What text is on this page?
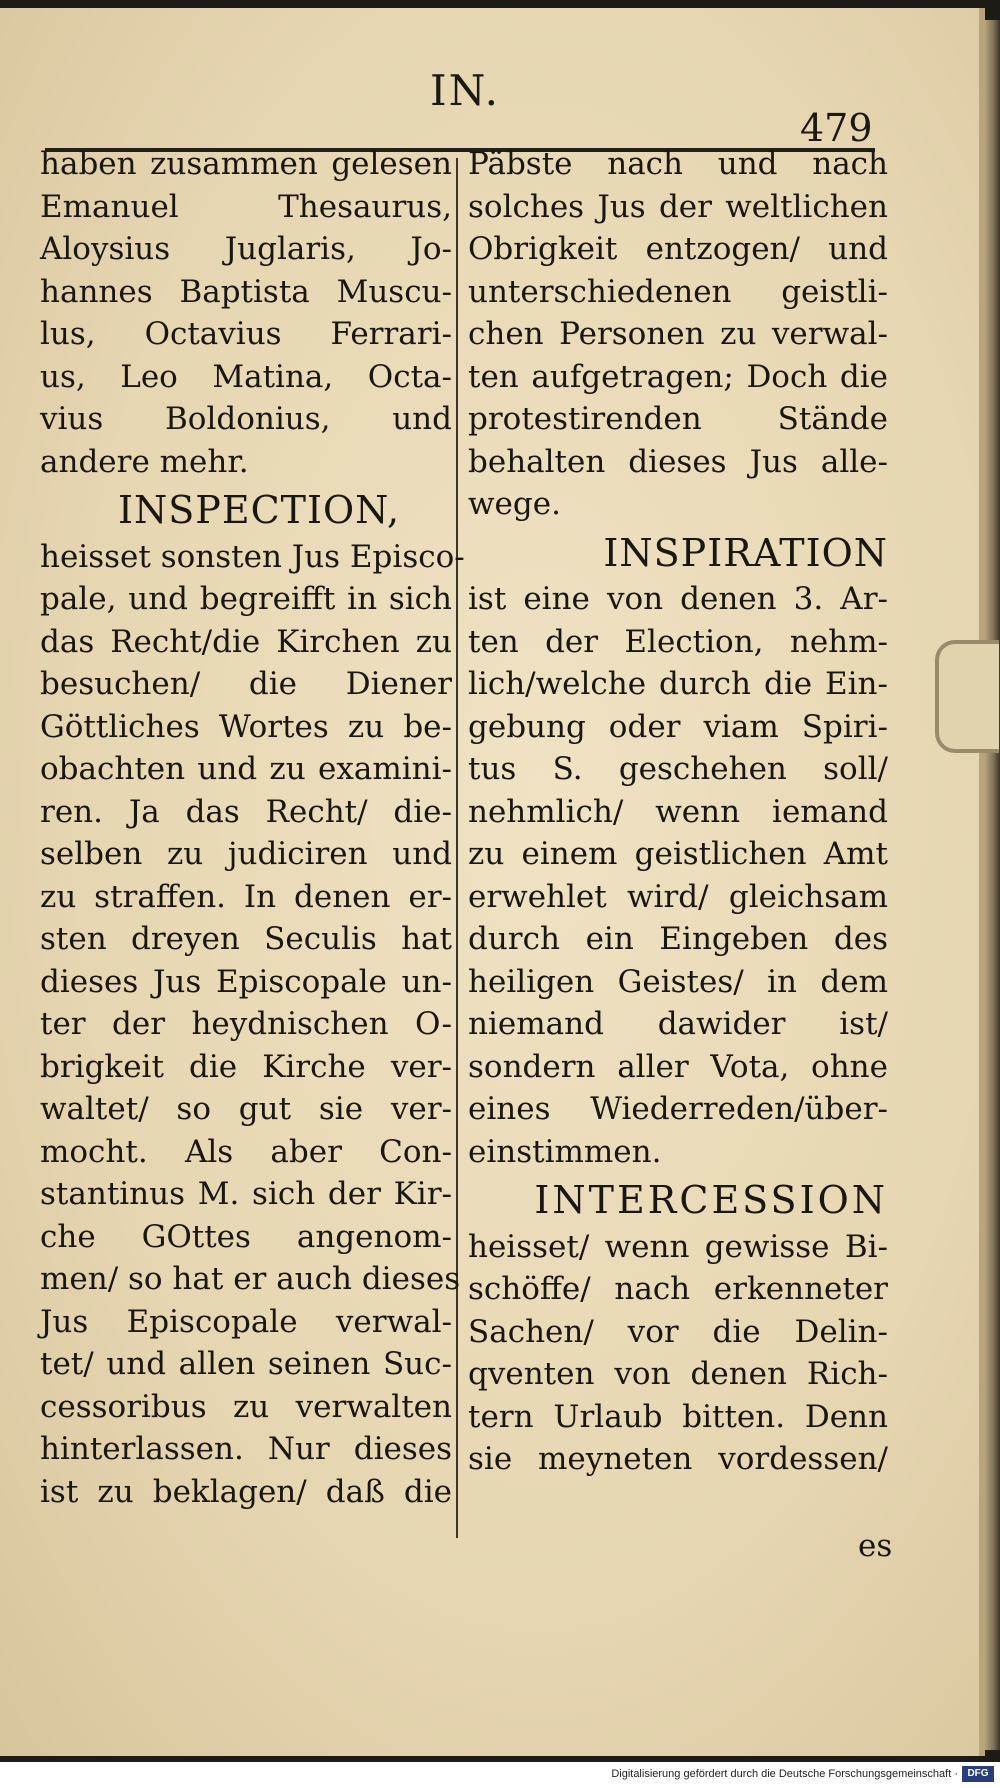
IN.
479

haben zusammen gelesen

Emanuel Thesaurus,

Aloysius Juglaris, Jo-

hannes Baptista Muscu-

lus, Octavius Ferrari-

us, Leo Matina, Octa-

vius Boldonius, und

andere mehr.

INSPECTION,

heisset sonsten Jus Episco-

pale, und begreifft in sich

das Recht/die Kirchen zu

besuchen/ die Diener

Göttliches Wortes zu be-

obachten und zu examini-

ren. Ja das Recht/ die-

selben zu judiciren und

zu straffen. In denen er-

sten dreyen Seculis hat

dieses Jus Episcopale un-

ter der heydnischen O-

brigkeit die Kirche ver-

waltet/ so gut sie ver-

mocht. Als aber Con-

stantinus M. sich der Kir-

che GOttes angenom-

men/ so hat er auch dieses

Jus Episcopale verwal-

tet/ und allen seinen Suc-

cessoribus zu verwalten

hinterlassen. Nur dieses

ist zu beklagen/ daß die

Päbste nach und nach

solches Jus der weltlichen

Obrigkeit entzogen/ und

unterschiedenen geistli-

chen Personen zu verwal-

ten aufgetragen; Doch die

protestirenden Stände

behalten dieses Jus alle-

wege.

INSPIRATION

ist eine von denen 3. Ar-

ten der Election, nehm-

lich/welche durch die Ein-

gebung oder viam Spiri-

tus S. geschehen soll/

nehmlich/ wenn iemand

zu einem geistlichen Amt

erwehlet wird/ gleichsam

durch ein Eingeben des

heiligen Geistes/ in dem

niemand dawider ist/

sondern aller Vota, ohne

eines Wiederreden/über-

einstimmen.

INTERCESSION

heisset/ wenn gewisse Bi-

schöffe/ nach erkenneter

Sachen/ vor die Delin-

qventen von denen Rich-

tern Urlaub bitten. Denn

sie meyneten vordessen/

es
Digitalisierung gefördert durch die Deutsche Forschungsgemeinschaft · DFG
